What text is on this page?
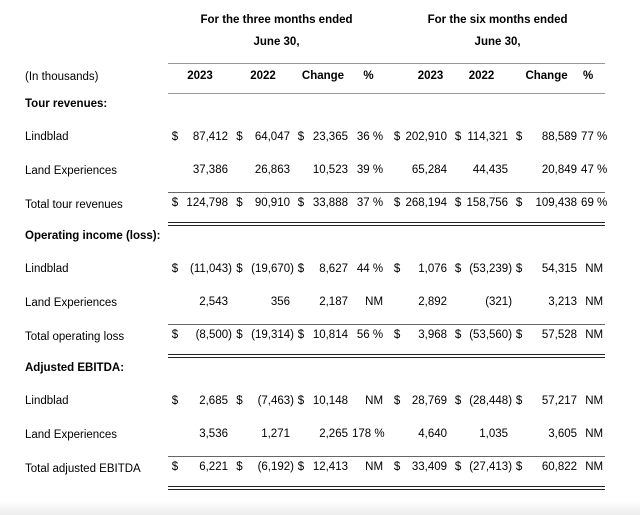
	For the three months ended								For the six months ended						
	June 30,								June 30,						
(In thousands)	2023		2022		Change		%		2023		2022		Change		%
Tour revenues:															
Lindblad	$	87,412	$	64,047	$	23,365	36 %		$	202,910	$	114,321	$	88,589	77 %
Land Experiences		37,386		26,863		10,523	39 %			65,284		44,435		20,849	47 %
Total tour revenues	$	124,798	$	90,910	$	33,888	37 %		$	268,194	$	158,756	$	109,438	69 %
Operating income (loss):															
Lindblad	$	(11,043)	$	(19,670)	$	8,627	44 %		$	1,076	$	(53,239)	$	54,315	NM
Land Experiences		2,543		356		2,187	NM			2,892		(321)		3,213	NM
Total operating loss	$	(8,500)	$	(19,314)	$	10,814	56 %		$	3,968	$	(53,560)	$	57,528	NM
Adjusted EBITDA:															
Lindblad	$	2,685	$	(7,463)	$	10,148	NM		$	28,769	$	(28,448)	$	57,217	NM
Land Experiences		3,536		1,271		2,265	178 %			4,640		1,035		3,605	NM
Total adjusted EBITDA	$	6,221	$	(6,192)	$	12,413	NM		$	33,409	$	(27,413)	$	60,822	NM
